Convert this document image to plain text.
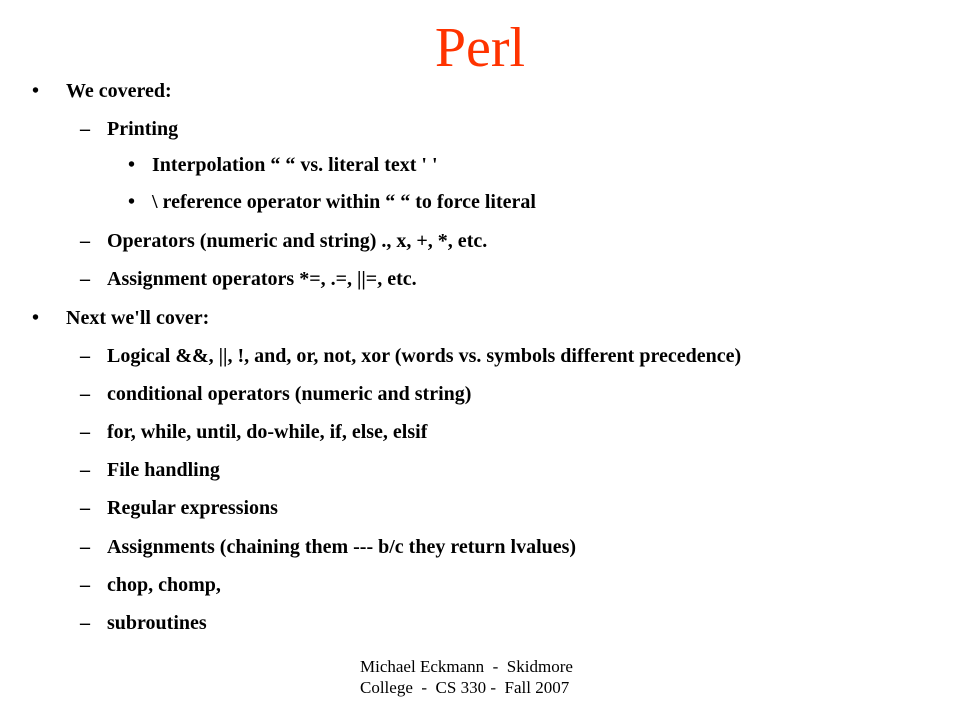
Perl
• We covered:
– Printing
• Interpolation “ “ vs. literal text ' '
• \ reference operator within “ “ to force literal
– Operators (numeric and string) ., x, +, *, etc.
– Assignment operators *=, .=, ||=, etc.
• Next we'll cover:
– Logical &&, ||, !, and, or, not, xor (words vs. symbols different precedence)
– conditional operators (numeric and string)
– for, while, until, do-while, if, else, elsif
– File handling
– Regular expressions
– Assignments (chaining them --- b/c they return lvalues)
– chop, chomp,
– subroutines
Michael Eckmann  -  Skidmore
College  -  CS 330 -  Fall 2007
